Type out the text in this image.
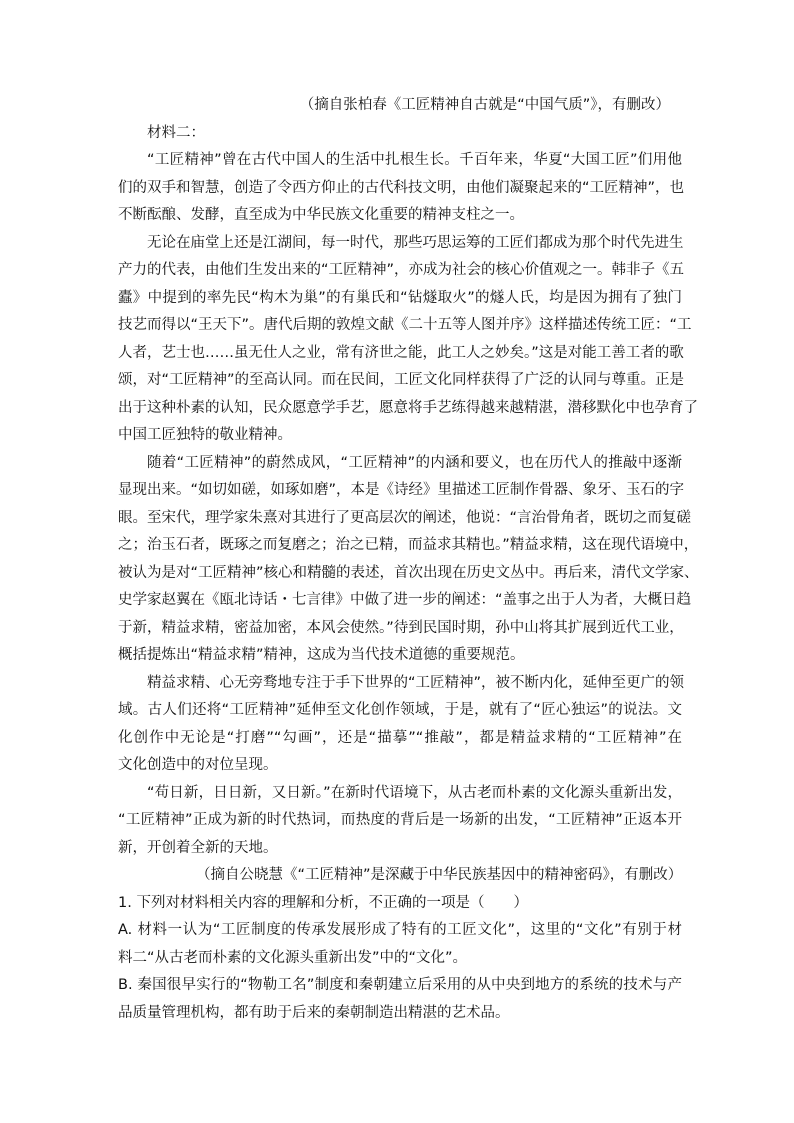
（摘自张柏春《工匠精神自古就是“中国气质”》，有删改）
材料二：
“工匠精神”曾在古代中国人的生活中扎根生长。千百年来，华夏“大国工匠”们用他
们的双手和智慧，创造了令西方仰止的古代科技文明，由他们凝聚起来的“工匠精神”，也
不断酝酿、发酵，直至成为中华民族文化重要的精神支柱之一。
无论在庙堂上还是江湖间，每一时代，那些巧思运筹的工匠们都成为那个时代先进生
产力的代表，由他们生发出来的“工匠精神”，亦成为社会的核心价值观之一。韩非子《五
蠹》中提到的率先民“构木为巢”的有巢氏和“钻燧取火”的燧人氏，均是因为拥有了独门
技艺而得以“王天下”。唐代后期的敦煌文献《二十五等人图并序》这样描述传统工匠：“工
人者，艺士也……虽无仕人之业，常有济世之能，此工人之妙矣。”这是对能工善工者的歌
颂，对“工匠精神”的至高认同。而在民间，工匠文化同样获得了广泛的认同与尊重。正是
出于这种朴素的认知，民众愿意学手艺，愿意将手艺练得越来越精湛，潜移默化中也孕育了
中国工匠独特的敬业精神。
随着“工匠精神”的蔚然成风，“工匠精神”的内涵和要义，也在历代人的推敲中逐渐
显现出来。“如切如磋，如琢如磨”，本是《诗经》里描述工匠制作骨器、象牙、玉石的字
眼。至宋代，理学家朱熹对其进行了更高层次的阐述，他说：“言治骨角者，既切之而复磋
之；治玉石者，既琢之而复磨之；治之已精，而益求其精也。”精益求精，这在现代语境中，
被认为是对“工匠精神”核心和精髓的表述，首次出现在历史文丛中。再后来，清代文学家、
史学家赵翼在《瓯北诗话・七言律》中做了进一步的阐述：“盖事之出于人为者，大概日趋
于新，精益求精，密益加密，本风会使然。”待到民国时期，孙中山将其扩展到近代工业，
概括提炼出“精益求精”精神，这成为当代技术道德的重要规范。
精益求精、心无旁骛地专注于手下世界的“工匠精神”，被不断内化，延伸至更广的领
域。古人们还将“工匠精神”延伸至文化创作领域，于是，就有了“匠心独运”的说法。文
化创作中无论是“打磨”“勾画”，还是“描摹”“推敲”，都是精益求精的“工匠精神”在
文化创造中的对位呈现。
“苟日新，日日新，又日新。”在新时代语境下，从古老而朴素的文化源头重新出发，
“工匠精神”正成为新的时代热词，而热度的背后是一场新的出发，“工匠精神”正返本开
新，开创着全新的天地。
（摘自公晓慧《“工匠精神”是深藏于中华民族基因中的精神密码》，有删改）
1. 下列对材料相关内容的理解和分析，不正确的一项是（　　）
A. 材料一认为“工匠制度的传承发展形成了特有的工匠文化”，这里的“文化”有别于材
料二“从古老而朴素的文化源头重新出发”中的“文化”。
B. 秦国很早实行的“物勒工名”制度和秦朝建立后采用的从中央到地方的系统的技术与产
品质量管理机构，都有助于后来的秦朝制造出精湛的艺术品。
